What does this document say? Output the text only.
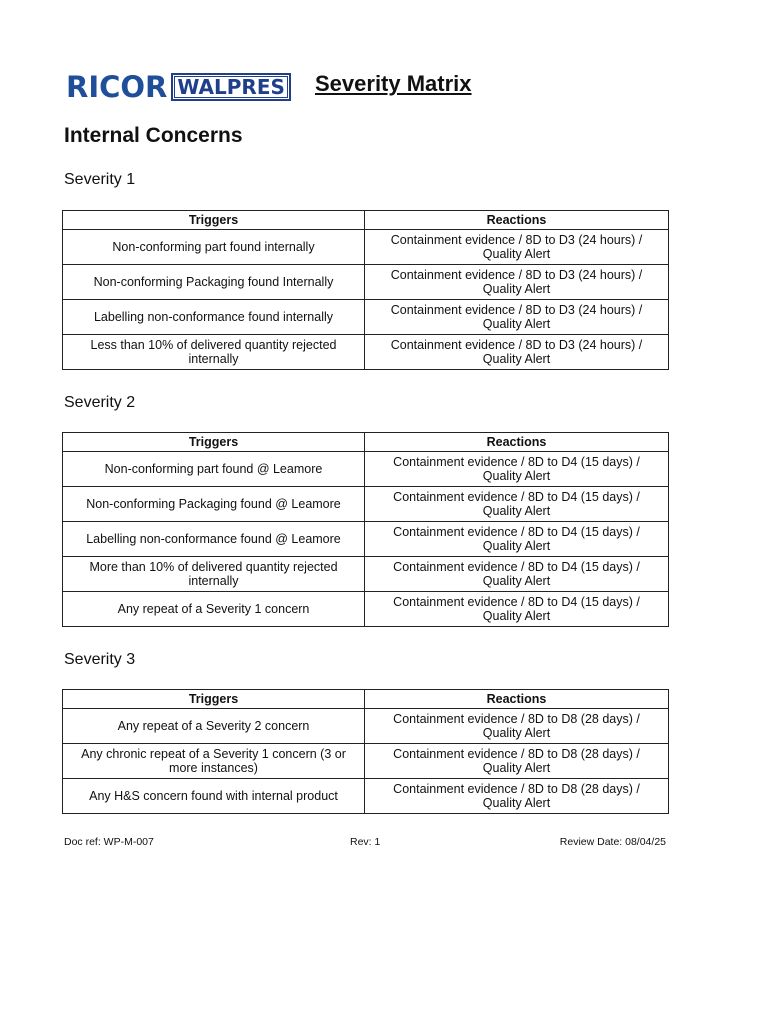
RICOR WALPRES Severity Matrix
Internal Concerns
Severity 1
Triggers	Reactions
Non-conforming part found internally	Containment evidence / 8D to D3 (24 hours) / Quality Alert
Non-conforming Packaging found Internally	Containment evidence / 8D to D3 (24 hours) / Quality Alert
Labelling non-conformance found internally	Containment evidence / 8D to D3 (24 hours) / Quality Alert
Less than 10% of delivered quantity rejected internally	Containment evidence / 8D to D3 (24 hours) / Quality Alert
Severity 2
Triggers	Reactions
Non-conforming part found @ Leamore	Containment evidence / 8D to D4 (15 days) / Quality Alert
Non-conforming Packaging found @ Leamore	Containment evidence / 8D to D4 (15 days) / Quality Alert
Labelling non-conformance found @ Leamore	Containment evidence / 8D to D4 (15 days) / Quality Alert
More than 10% of delivered quantity rejected internally	Containment evidence / 8D to D4 (15 days) / Quality Alert
Any repeat of a Severity 1 concern	Containment evidence / 8D to D4 (15 days) / Quality Alert
Severity 3
Triggers	Reactions
Any repeat of a Severity 2 concern	Containment evidence / 8D to D8 (28 days) / Quality Alert
Any chronic repeat of a Severity 1 concern (3 or more instances)	Containment evidence / 8D to D8 (28 days) / Quality Alert
Any H&S concern found with internal product	Containment evidence / 8D to D8 (28 days) / Quality Alert
Doc ref: WP-M-007	Rev: 1	Review Date: 08/04/25
